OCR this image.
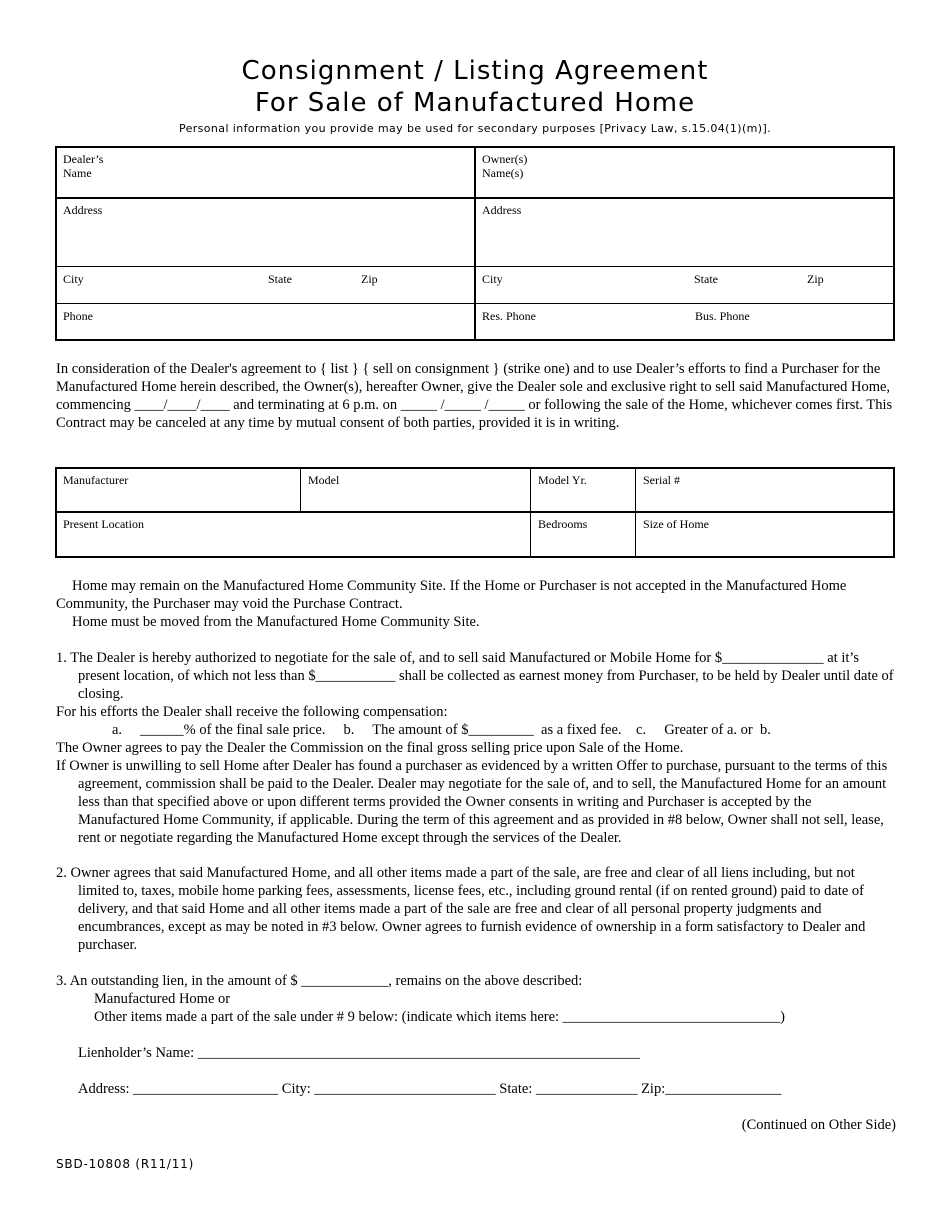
Consignment / Listing Agreement
For Sale of Manufactured Home
Personal information you provide may be used for secondary purposes [Privacy Law, s.15.04(1)(m)].
Dealer’s
Name
Address
City	State	Zip
Phone
Owner(s)
Name(s)
Address
City	State	Zip
Res. Phone	Bus. Phone
In consideration of the Dealer's agreement to { list } { sell on consignment } (strike one) and to use Dealer’s efforts to find a Purchaser for the Manufactured Home herein described, the Owner(s), hereafter Owner, give the Dealer sole and exclusive right to sell said Manufactured Home, commencing ____/____/____ and terminating at 6 p.m. on _____ /_____ /_____ or following the sale of the Home, whichever comes first. This Contract may be canceled at any time by mutual consent of both parties, provided it is in writing.
Manufacturer	Model	Model Yr.	Serial #
Present Location	Bedrooms	Size of Home

Home may remain on the Manufactured Home Community Site. If the Home or Purchaser is not accepted in the Manufactured Home Community, the Purchaser may void the Purchase Contract.

Home must be moved from the Manufactured Home Community Site.

1. The Dealer is hereby authorized to negotiate for the sale of, and to sell said Manufactured or Mobile Home for $______________ at it’s present location, of which not less than $___________ shall be collected as earnest money from Purchaser, to be held by Dealer until date of closing.

For his efforts the Dealer shall receive the following compensation:

a.     ______% of the final sale price.     b.     The amount of $_________  as a fixed fee.    c.     Greater of a. or  b.

The Owner agrees to pay the Dealer the Commission on the final gross selling price upon Sale of the Home.

If Owner is unwilling to sell Home after Dealer has found a purchaser as evidenced by a written Offer to purchase, pursuant to the terms of this agreement, commission shall be paid to the Dealer. Dealer may negotiate for the sale of, and to sell, the Manufactured Home for an amount less than that specified above or upon different terms provided the Owner consents in writing and Purchaser is accepted by the Manufactured Home Community, if applicable. During the term of this agreement and as provided in #8 below, Owner shall not sell, lease, rent or negotiate regarding the Manufactured Home except through the services of the Dealer.

2. Owner agrees that said Manufactured Home, and all other items made a part of the sale, are free and clear of all liens including, but not limited to, taxes, mobile home parking fees, assessments, license fees, etc., including ground rental (if on rented ground) paid to date of delivery, and that said Home and all other items made a part of the sale are free and clear of all personal property judgments and encumbrances, except as may be noted in #3 below. Owner agrees to furnish evidence of ownership in a form satisfactory to Dealer and purchaser.

3. An outstanding lien, in the amount of $ ____________, remains on the above described:

Manufactured Home or

Other items made a part of the sale under # 9 below: (indicate which items here: ______________________________)

Lienholder’s Name: _____________________________________________________________
Address: ____________________ City: _________________________ State: ______________ Zip:________________
(Continued on Other Side)
SBD-10808 (R11/11)
